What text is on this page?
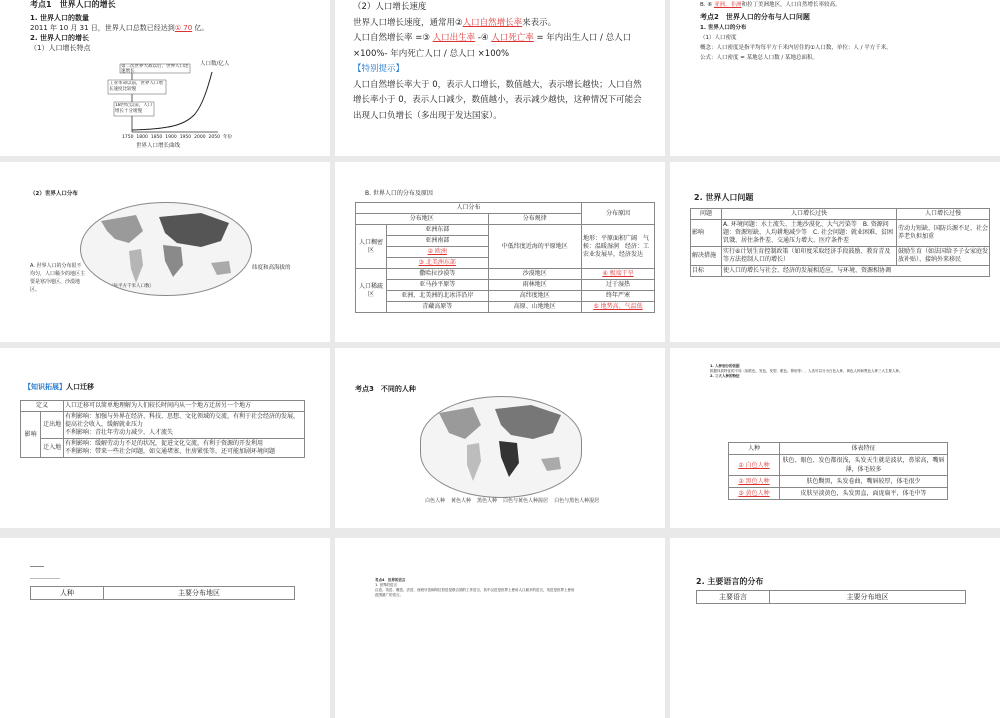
考点1　世界人口的增长
1. 世界人口的数量
2011 年 10 月 31 日，世界人口总数已经达到① 70 亿。
2. 世界人口的增长
（1）人口增长特点
人口数/亿人
第二次世界大战以后，世界人口迅速增长
工业革命以前，世界人口增长速度比较慢
18世纪以前，人口增长十分缓慢
1750 1800 1850 1900 1950 2000 2050 年份
世界人口增长曲线
（2）人口增长速度
世界人口增长速度，通常用②人口自然增长率来表示。
人口自然增长率 =③ 人口出生率 -④ 人口死亡率 = 年内出生人口 / 总人口 ×100%- 年内死亡人口 / 总人口 ×100%
【特别提示】
人口自然增长率大于 0，表示人口增长，数值越大，表示增长越快；人口自然增长率小于 0，表示人口减少，数值越小，表示减少越快，这种情况下可能会出现人口负增长（多出现于发达国家）。
B. ⑥ 亚洲、非洲和拉丁美洲地区，人口自然增长率较高。
考点2　世界人口的分布与人口问题
1. 世界人口的分布
（1）人口密度
概念：人口密度是指平均每平方千米内居住的①人口数，单位：人 / 平方千米。
公式：人口密度 = 某地总人口数 / 某地总面积。
（2）世界人口分布
人口密度（每平方千米人口数）
A. 世界人口的分布很不均匀，人口稀少的地区主要是寒冷地区、沙漠地区、
纬度和高海拔的
B. 世界人口的分布及原因
人口分布			分布原因
分布地区		分布规律	
人口稠密区	亚洲东部	中低纬度近海的平原地区	地形：平原面积广阔　气候：温暖湿润　经济：工农业发展早，经济发达
	亚洲南部		
	② 欧洲		
	③ 北美洲东部		
人口稀疏区	撒哈拉沙漠等	沙漠地区	④ 极端干旱
	亚马孙平原等	雨林地区	过于湿热
	亚洲、北美洲的北冰洋沿岸	高纬度地区	终年严寒
	青藏高原等	高原、山地地区	⑤ 地势高、气温低
2. 世界人口问题
问题	人口增长过快	人口增长过慢
影响	A. 环境问题：水土流失、土地沙漠化、大气污染等　B. 资源问题：资源短缺、人均耕地减少等　C. 社会问题：就业困难、贫困饥饿、居住条件差、交通压力增大、医疗条件差	劳动力短缺、国防兵源不足、社会养老负担加重
解决措施	实行⑥计划生育控制政策（如印度采取经济手段鼓励、教育青及等方法控制人口的增长）	鼓励生育（如法国给予子女家庭发放补贴）、接纳外来移民
目标	使人口的增长与社会、经济的发展相适应，与环境、资源相协调	
【知识拓展】人口迁移
定义		人口迁移可以简单地理解为人们较长时间内从一个地方迁居另一个地方
影响	迁出地	有利影响：加强与外界在经济、科技、思想、文化领域的交流，有利于社会经济的发展，提高社会收入，缓解就业压力
不利影响：青壮年劳动力减少、人才流失

	迁入地	有利影响：缓解劳动力不足的状况，促进文化交流，有利于资源的开发利用
不利影响：带来一些社会问题，如交通堵塞、住房紧张等，还可能加剧环境问题
考点3　不同的人种
白色人种 黄色人种 黑色人种 白色与黄色人种混居 白色与黑色人种混居
1. 人种划分的依据
根据体质特征的不同（如肤色、发色、发型、眼色、鼻形等），人类可以分为白色人种、黄色人种和黑色人种三大主要人种。
2. 三大人种的特征
人种	体表特征
① 白色人种	肤色、眼色、发色都很浅，头发天生就是波状，鼻梁高，嘴唇薄，体毛较多
② 黑色人种	肤色黝黑，头发卷曲，嘴唇较厚，体毛很少
③ 黄色人种	皮肤呈淡黄色，头发黑直，面庞扁平，体毛中等
人种	主要分布地区
考点4　世界的语言
1. 世界的语言
汉语、英语、俄语、法语、西班牙语和阿拉伯语是联合国的工作语言，其中汉语是世界上使用人口最多的语言，英语是世界上使用范围最广的语言。
2. 主要语言的分布
主要语言	主要分布地区
